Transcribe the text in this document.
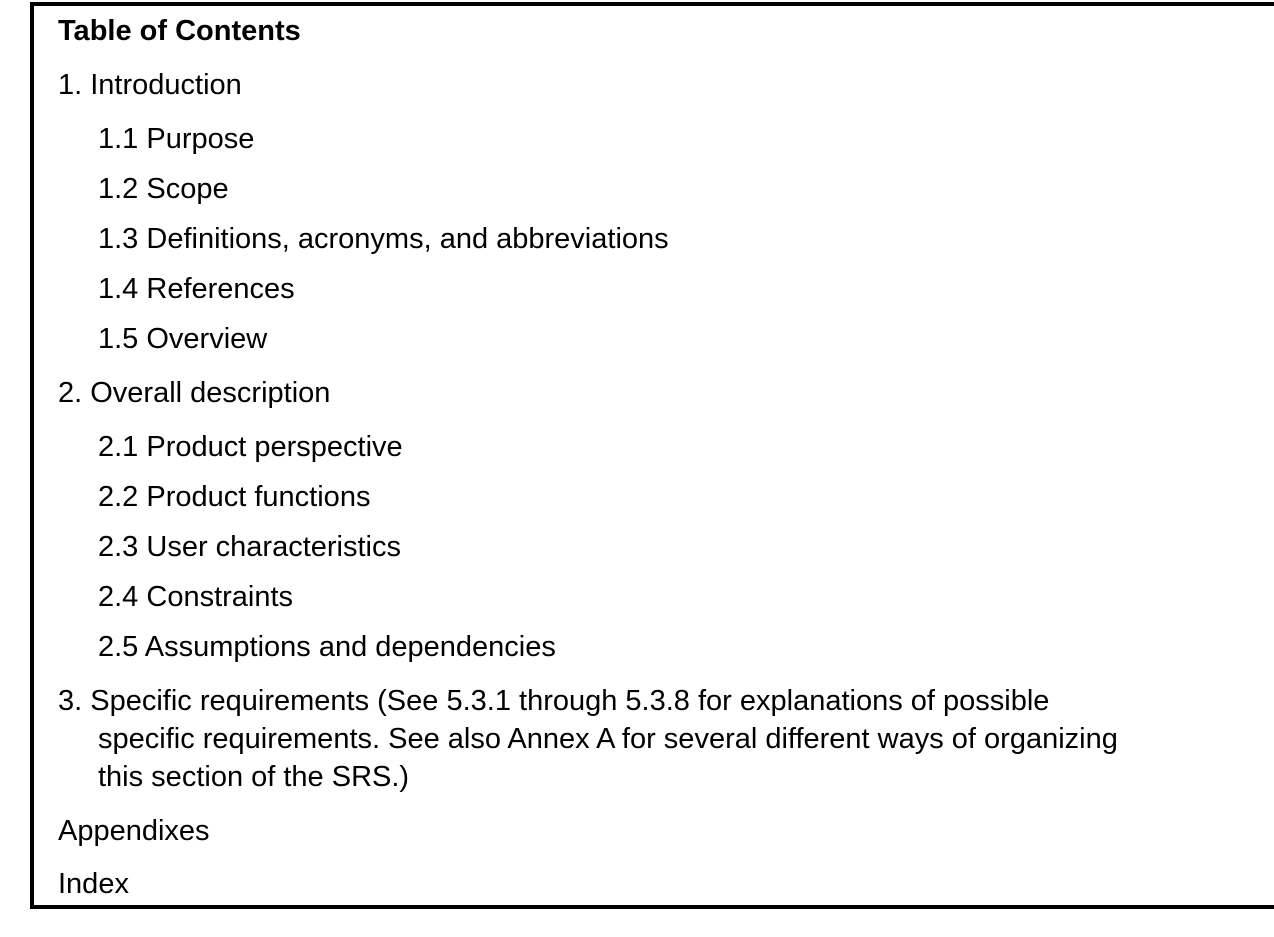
Table of Contents
1. Introduction
1.1 Purpose
1.2 Scope
1.3 Definitions, acronyms, and abbreviations
1.4 References
1.5 Overview
2. Overall description
2.1 Product perspective
2.2 Product functions
2.3 User characteristics
2.4 Constraints
2.5 Assumptions and dependencies
3. Specific requirements (See 5.3.1 through 5.3.8 for explanations of possible
specific requirements. See also Annex A for several different ways of organizing
this section of the SRS.)
Appendixes
Index
